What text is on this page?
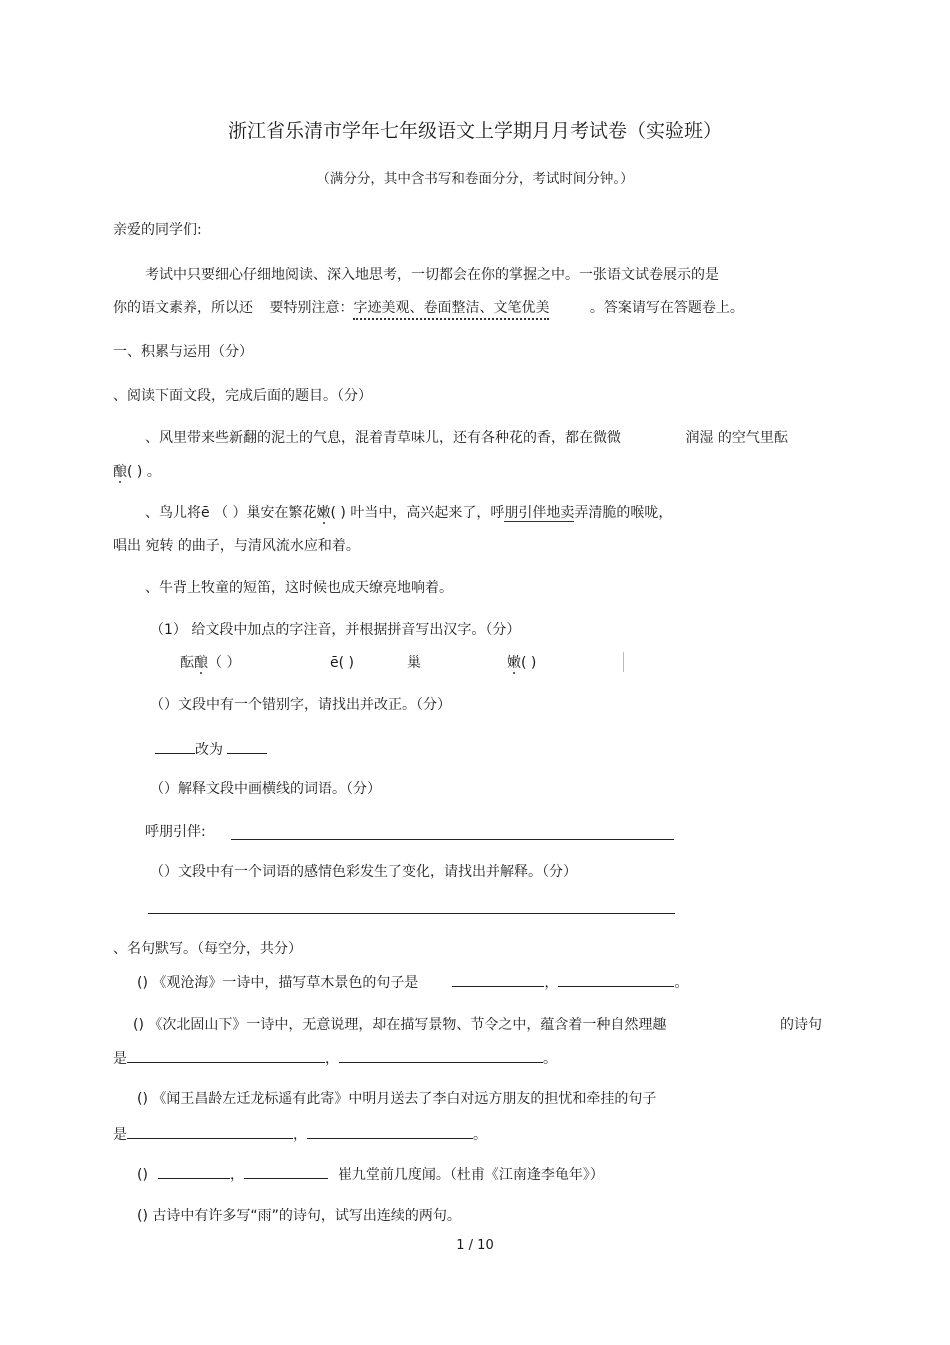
浙江省乐清市学年七年级语文上学期月月考试卷（实验班）
（满分分，其中含书写和卷面分分，考试时间分钟。）
亲爱的同学们:
考试中只要细心仔细地阅读、深入地思考，一切都会在你的掌握之中。一张语文试卷展示的是
你的语文素养，所以还 要特别注意：字迹美观、卷面整洁、文笔优美	。答案请写在答题卷上。
一、积累与运用（分）
、阅读下面文段，完成后面的题目。（分）
、风里带来些新翻的泥土的气息，混着青草味儿，还有各种花的香，都在微微	润湿 的空气里酝
酿( ) 。
、鸟儿将ē （ ）巢安在繁花嫩( ) 叶当中，高兴起来了，呼朋引伴地卖弄清脆的喉咙，
唱出 宛转 的曲子，与清风流水应和着。
、牛背上牧童的短笛，这时候也成天缭亮地响着。
（1） 给文段中加点的字注音，并根据拼音写出汉字。（分）
酝酿（ ）	ē( )	巢	嫩( )
（）文段中有一个错别字，请找出并改正。（分）
改为
（）解释文段中画横线的词语。（分）
呼朋引伴:
（）文段中有一个词语的感情色彩发生了变化，请找出并解释。（分）
、名句默写。（每空分，共分）
() 《观沧海》一诗中，描写草木景色的句子是	，	。
() 《次北固山下》一诗中，无意说理，却在描写景物、节令之中，蕴含着一种自然理趣	的诗句
是	，	。
() 《闻王昌龄左迁龙标遥有此寄》中明月送去了李白对远方朋友的担忧和牵挂的句子
是	，	。
()	，	崔九堂前几度闻。（杜甫《江南逢李龟年》）
() 古诗中有许多写“雨”的诗句，试写出连续的两句。
1 / 10
